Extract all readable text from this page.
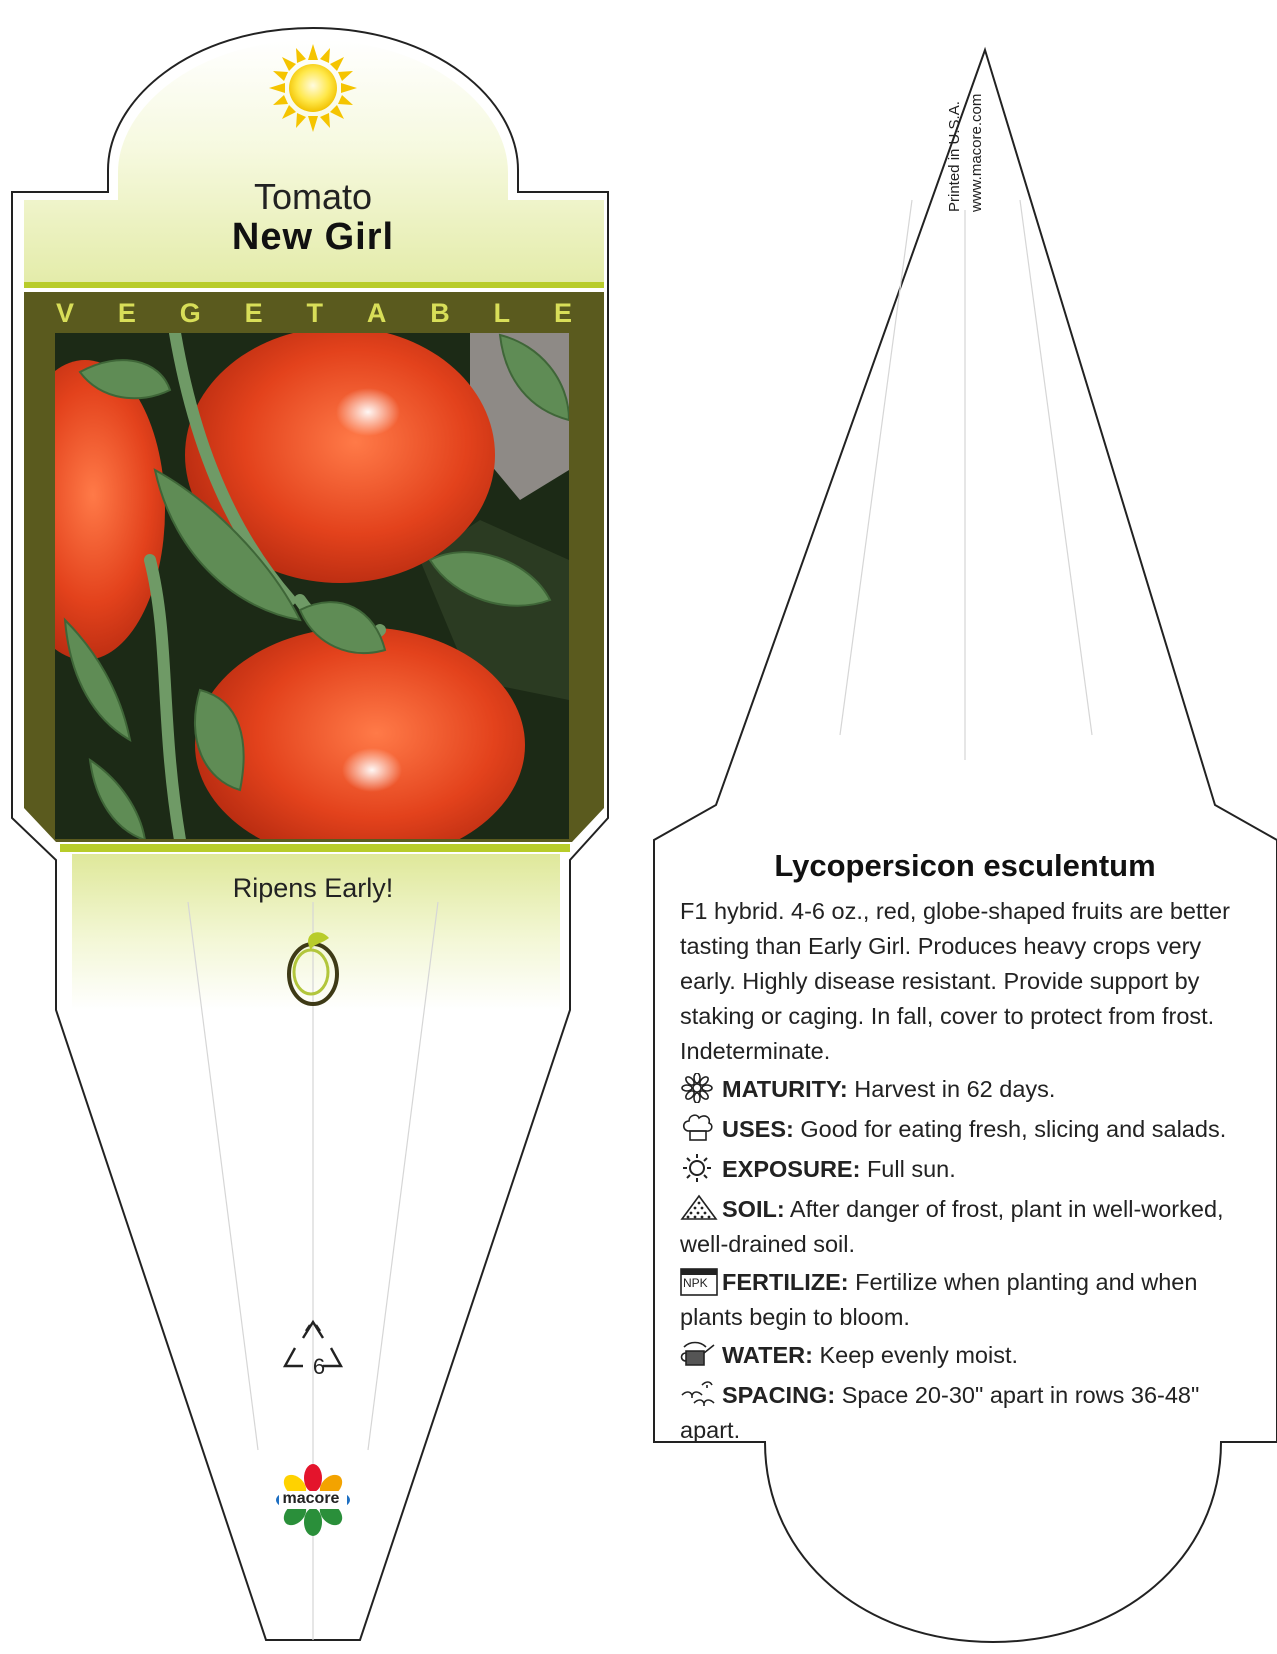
Tomato
New Girl
V E G E T A B L E
Ripens Early!
6
macore
Printed in U.S.A. www.macore.com
Lycopersicon esculentum
F1 hybrid. 4-6 oz., red, globe-shaped fruits are better tasting than Early Girl. Produces heavy crops very early. Highly disease resistant. Provide support by staking or caging. In fall, cover to protect from frost. Indeterminate.
MATURITY: Harvest in 62 days.
USES: Good for eating fresh, slicing and salads.
EXPOSURE: Full sun.
SOIL: After danger of frost, plant in well-worked, well-drained soil.
NPK FERTILIZE: Fertilize when planting and when plants begin to bloom.
WATER: Keep evenly moist.
SPACING: Space 20-30" apart in rows 36-48" apart.
